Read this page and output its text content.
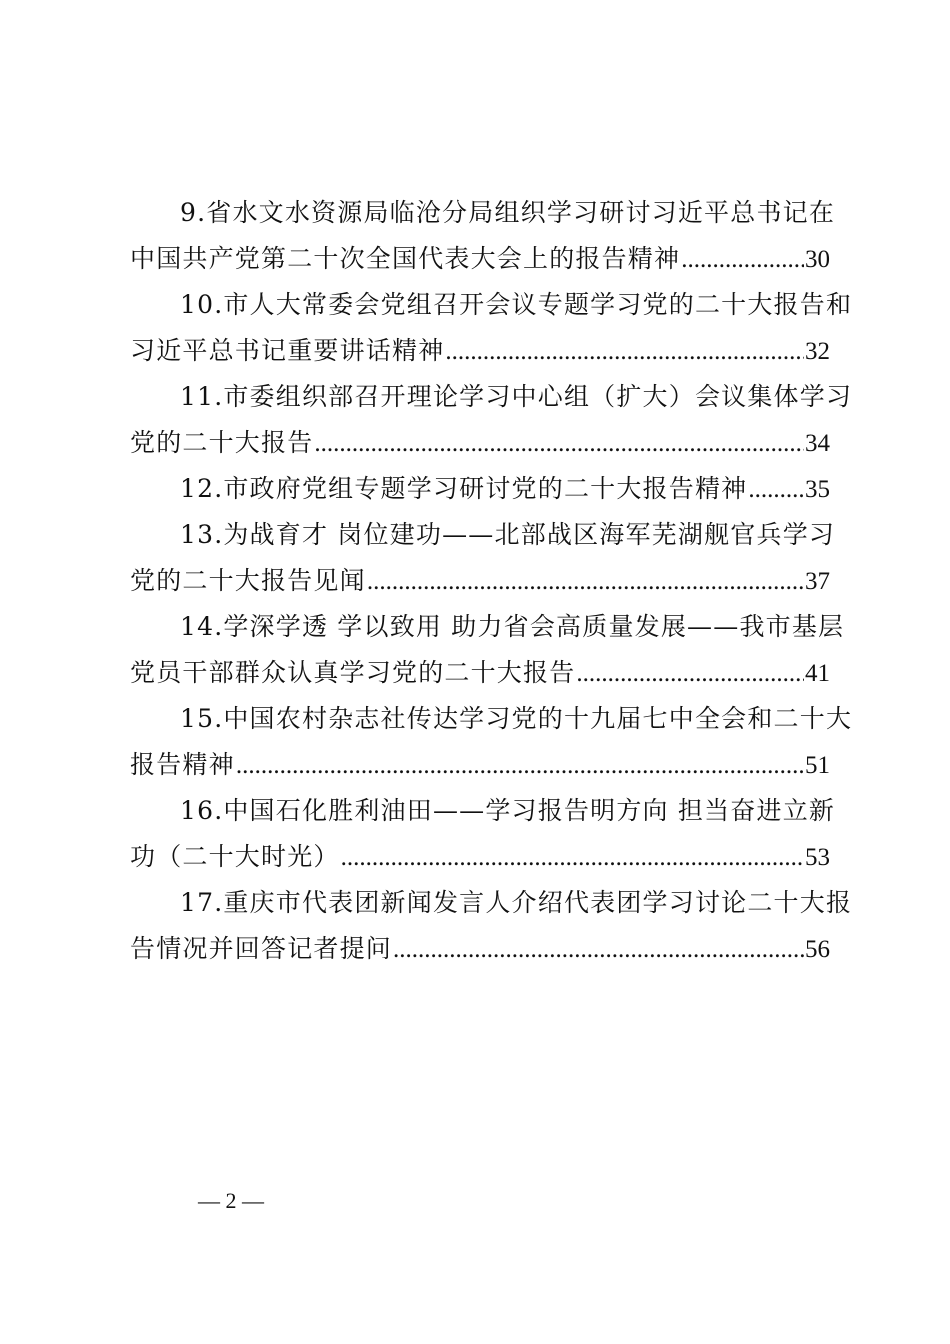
9.省水文水资源局临沧分局组织学习研讨习近平总书记在
中国共产党第二十次全国代表大会上的报告精神 .....	30
10.市人大常委会党组召开会议专题学习党的二十大报告和
习近平总书记重要讲话精神 .....	32
11.市委组织部召开理论学习中心组（扩大）会议集体学习
党的二十大报告 .....	34
12.市政府党组专题学习研讨党的二十大报告精神 ..... 35
13.为战育才 岗位建功——北部战区海军芜湖舰官兵学习
党的二十大报告见闻 .....	37
14.学深学透 学以致用 助力省会高质量发展——我市基层
党员干部群众认真学习党的二十大报告 .....	41
15.中国农村杂志社传达学习党的十九届七中全会和二十大
报告精神 .....	51
16.中国石化胜利油田——学习报告明方向 担当奋进立新
功（二十大时光） .....	53
17.重庆市代表团新闻发言人介绍代表团学习讨论二十大报
告情况并回答记者提问 .....	56
— 2 —
